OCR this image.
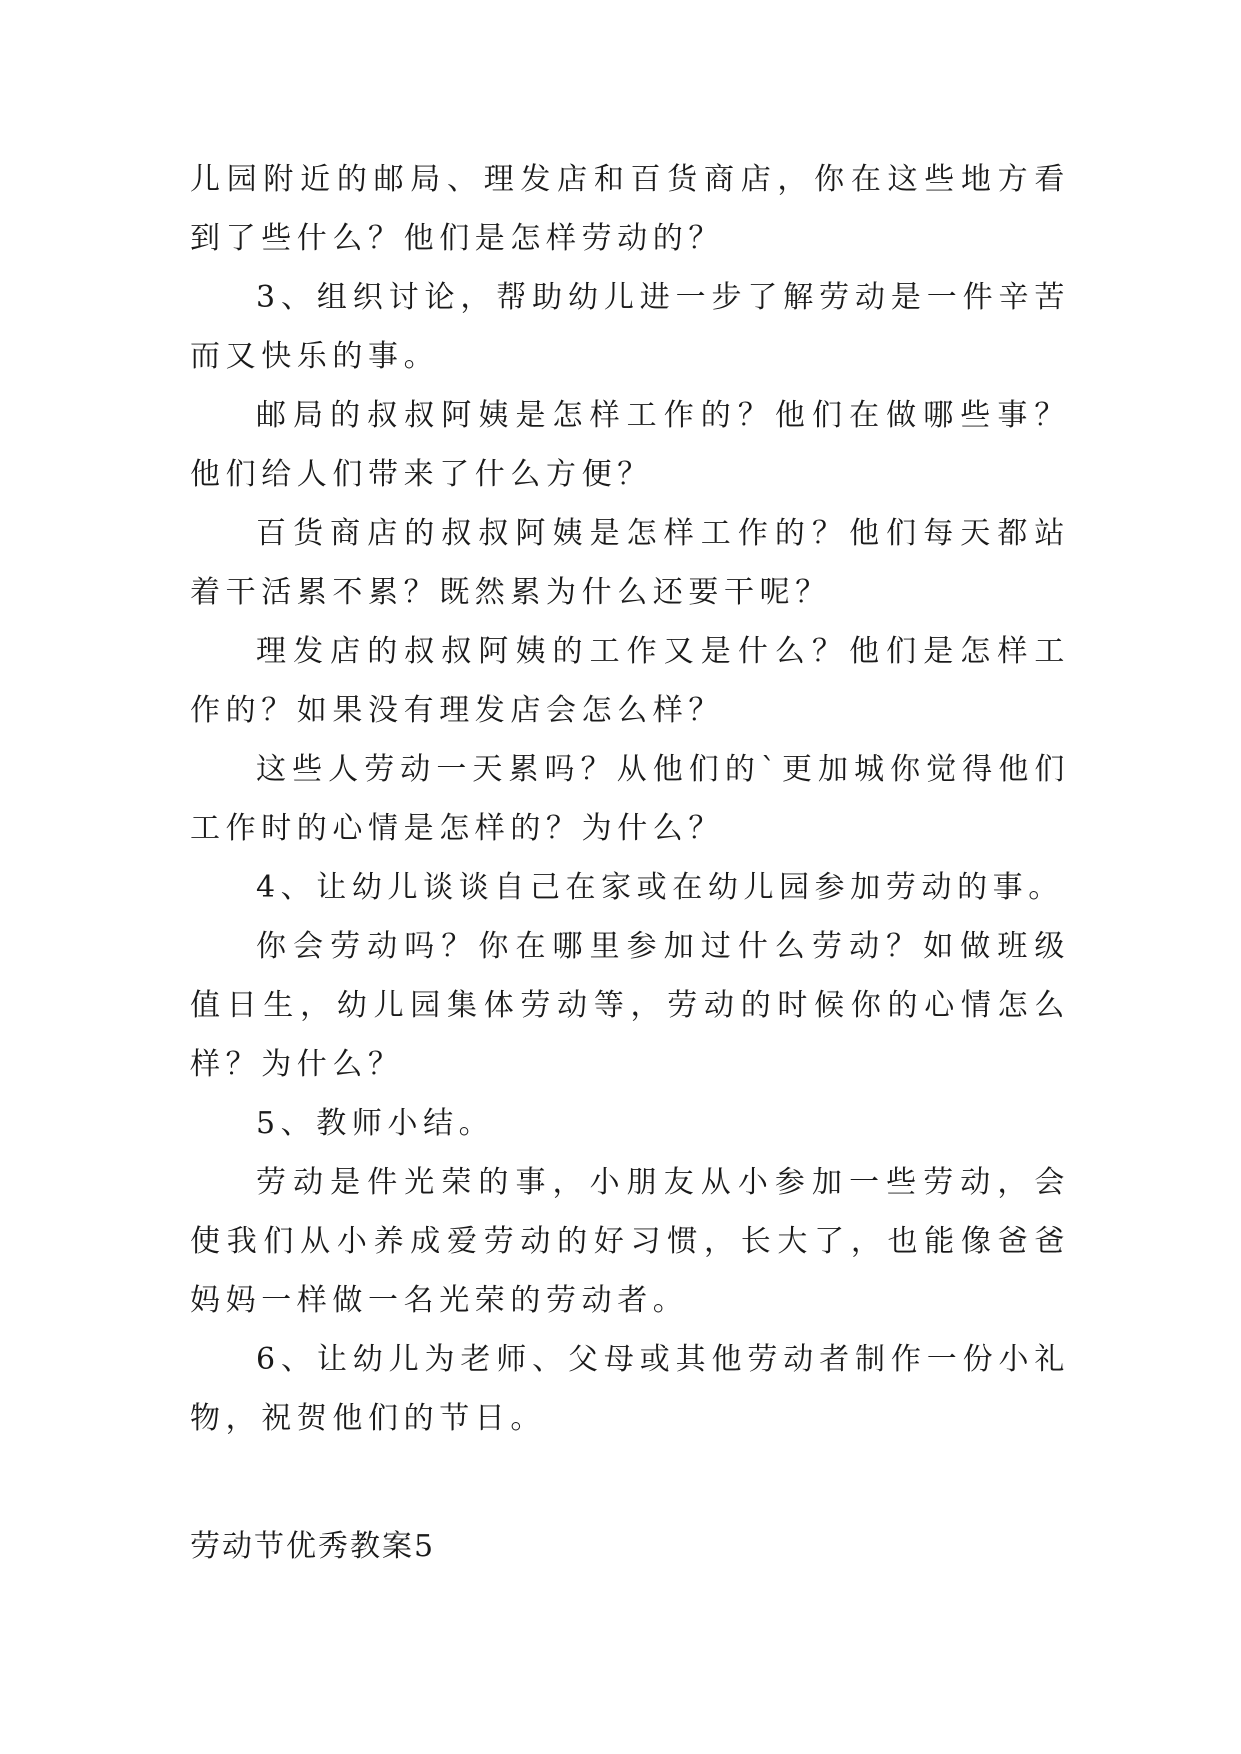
儿园附近的邮局、理发店和百货商店，你在这些地方看到了些什么？他们是怎样劳动的？

3、组织讨论，帮助幼儿进一步了解劳动是一件辛苦而又快乐的事。

邮局的叔叔阿姨是怎样工作的？他们在做哪些事？他们给人们带来了什么方便？

百货商店的叔叔阿姨是怎样工作的？他们每天都站着干活累不累？既然累为什么还要干呢？

理发店的叔叔阿姨的工作又是什么？他们是怎样工作的？如果没有理发店会怎么样？

这些人劳动一天累吗？从他们的`更加城你觉得他们工作时的心情是怎样的？为什么？

4、让幼儿谈谈自己在家或在幼儿园参加劳动的事。

你会劳动吗？你在哪里参加过什么劳动？如做班级值日生，幼儿园集体劳动等，劳动的时候你的心情怎么样？为什么？

5、教师小结。

劳动是件光荣的事，小朋友从小参加一些劳动，会使我们从小养成爱劳动的好习惯，长大了，也能像爸爸妈妈一样做一名光荣的劳动者。

6、让幼儿为老师、父母或其他劳动者制作一份小礼物，祝贺他们的节日。

劳动节优秀教案5
